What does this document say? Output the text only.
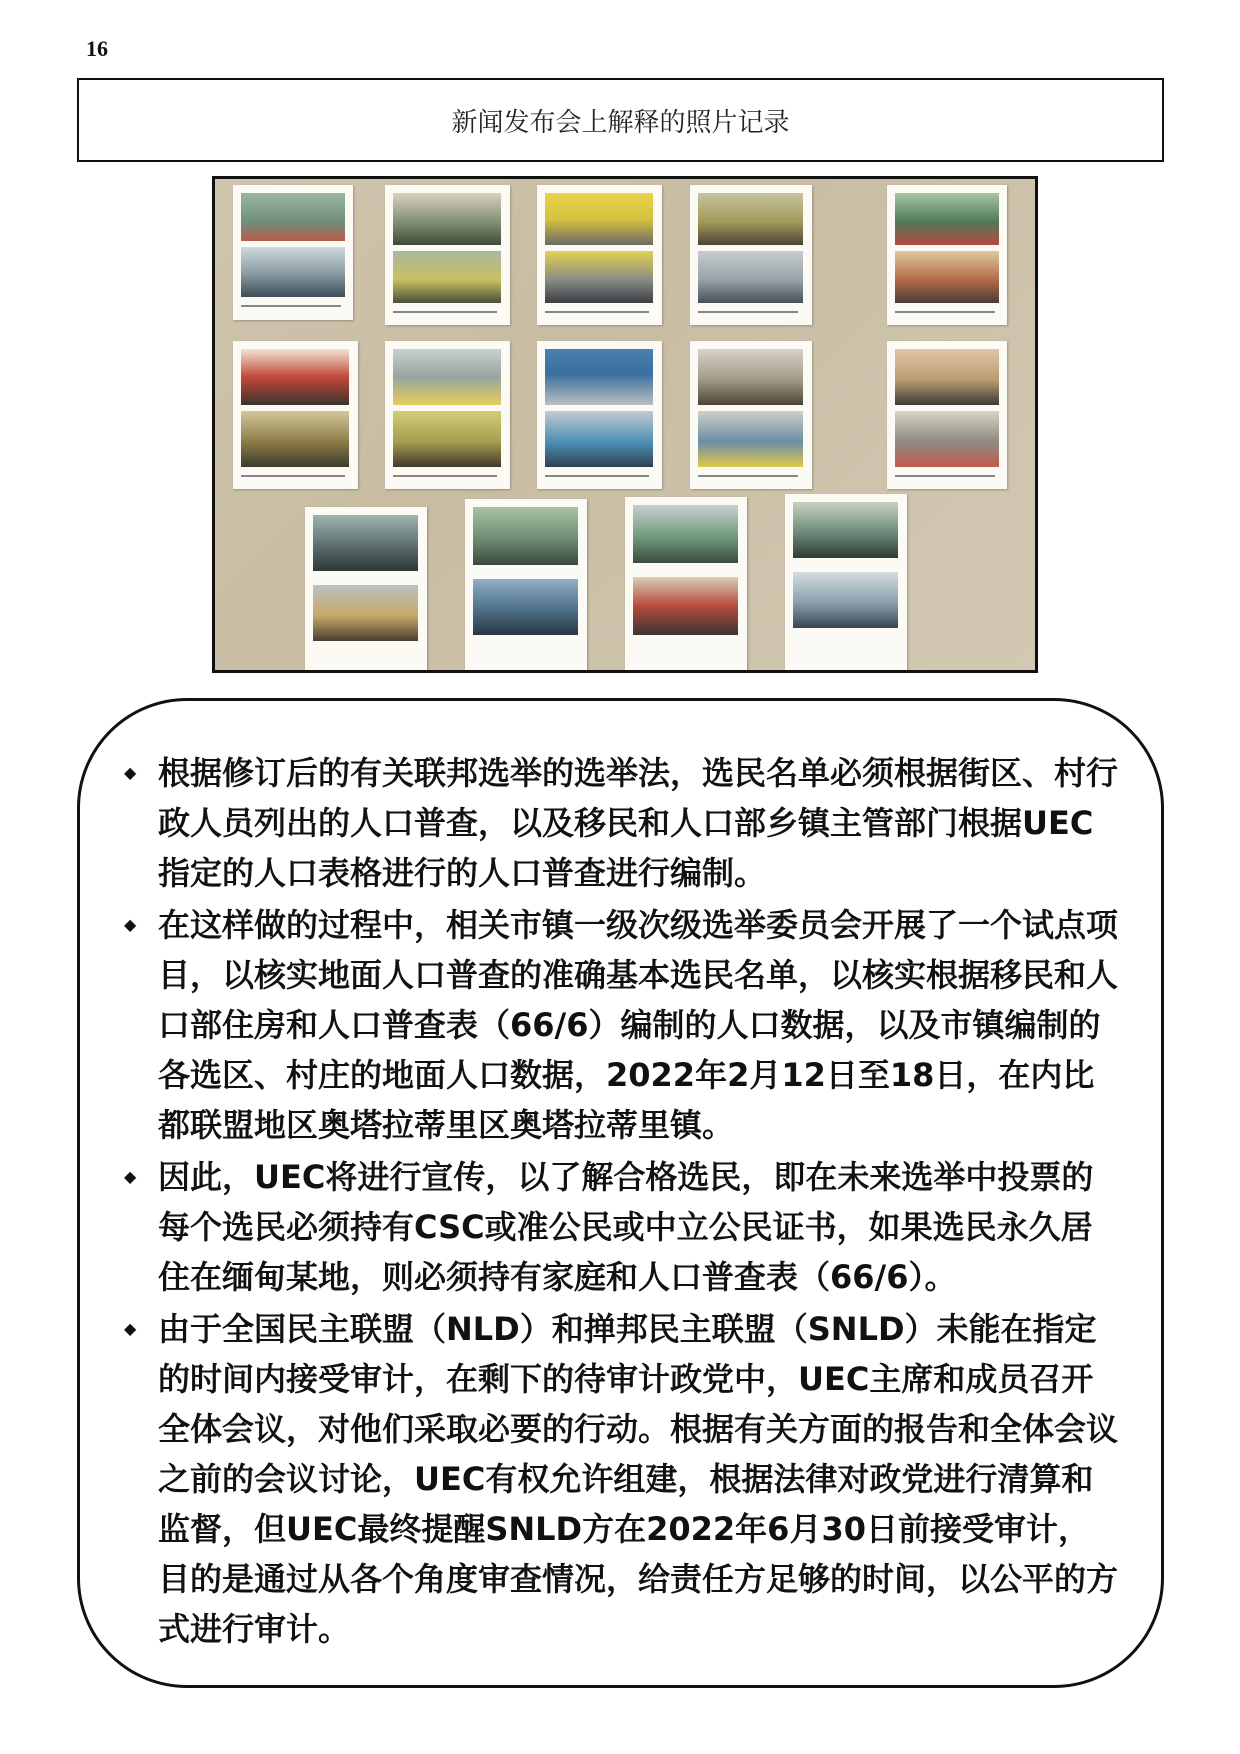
16
新闻发布会上解释的照片记录
◆ 根据修订后的有关联邦选举的选举法，选民名单必须根据街区、村行政人员列出的人口普查，以及移民和人口部乡镇主管部门根据UEC指定的人口表格进行的人口普查进行编制。
◆ 在这样做的过程中，相关市镇一级次级选举委员会开展了一个试点项目，以核实地面人口普查的准确基本选民名单，以核实根据移民和人口部住房和人口普查表（66/6）编制的人口数据，以及市镇编制的各选区、村庄的地面人口数据，2022年2月12日至18日，在内比都联盟地区奥塔拉蒂里区奥塔拉蒂里镇。
◆ 因此，UEC将进行宣传，以了解合格选民，即在未来选举中投票的每个选民必须持有CSC或准公民或中立公民证书，如果选民永久居住在缅甸某地，则必须持有家庭和人口普查表（66/6）。
◆ 由于全国民主联盟（NLD）和掸邦民主联盟（SNLD）未能在指定的时间内接受审计，在剩下的待审计政党中，UEC主席和成员召开全体会议，对他们采取必要的行动。根据有关方面的报告和全体会议之前的会议讨论，UEC有权允许组建，根据法律对政党进行清算和监督，但UEC最终提醒SNLD方在2022年6月30日前接受审计，目的是通过从各个角度审查情况，给责任方足够的时间，以公平的方式进行审计。
